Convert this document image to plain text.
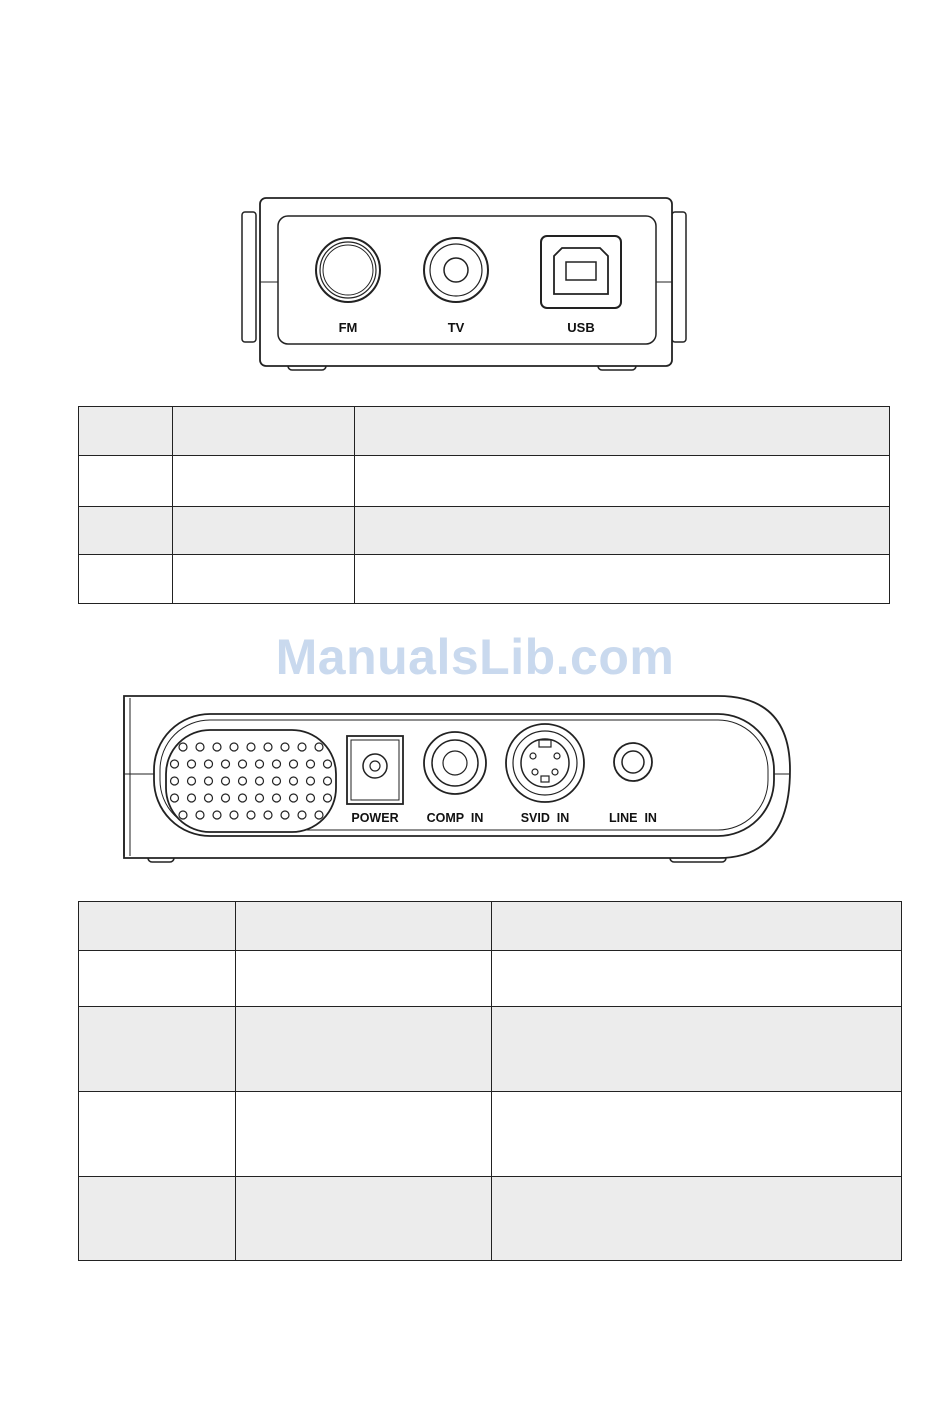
FM	TV	USB

ManualsLib.com
POWER	COMP  IN	SVID  IN	LINE  IN
